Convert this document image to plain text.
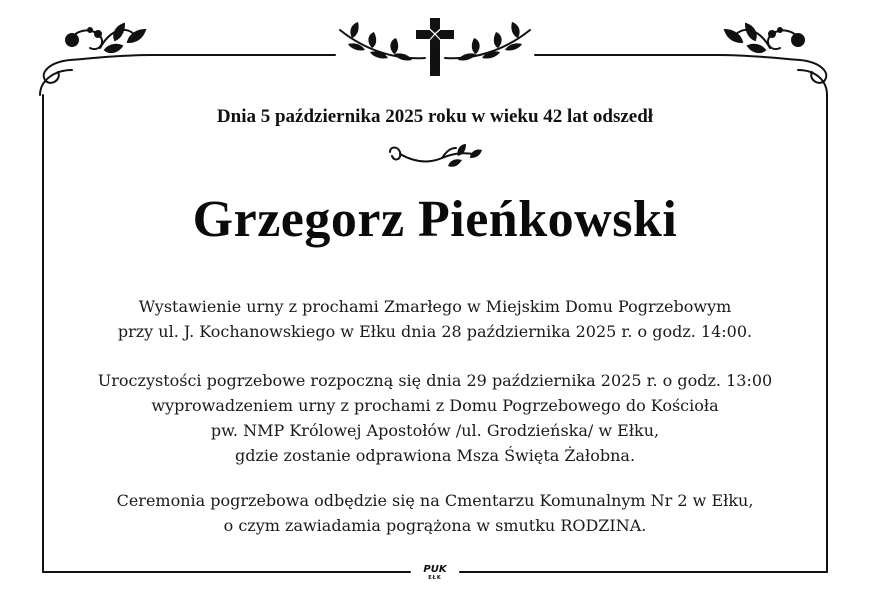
Dnia 5 października 2025 roku w wieku 42 lat odszedł
Grzegorz Pieńkowski
Wystawienie urny z prochami Zmarłego w Miejskim Domu Pogrzebowym
przy ul. J. Kochanowskiego w Ełku dnia 28 października 2025 r. o godz. 14:00.
Uroczystości pogrzebowe rozpoczną się dnia 29 października 2025 r. o godz. 13:00
wyprowadzeniem urny z prochami z Domu Pogrzebowego do Kościoła
pw. NMP Królowej Apostołów /ul. Grodzieńska/ w Ełku,
gdzie zostanie odprawiona Msza Święta Żałobna.
Ceremonia pogrzebowa odbędzie się na Cmentarzu Komunalnym Nr 2 w Ełku,
o czym zawiadamia pogrążona w smutku RODZINA.
PUK
EŁK
